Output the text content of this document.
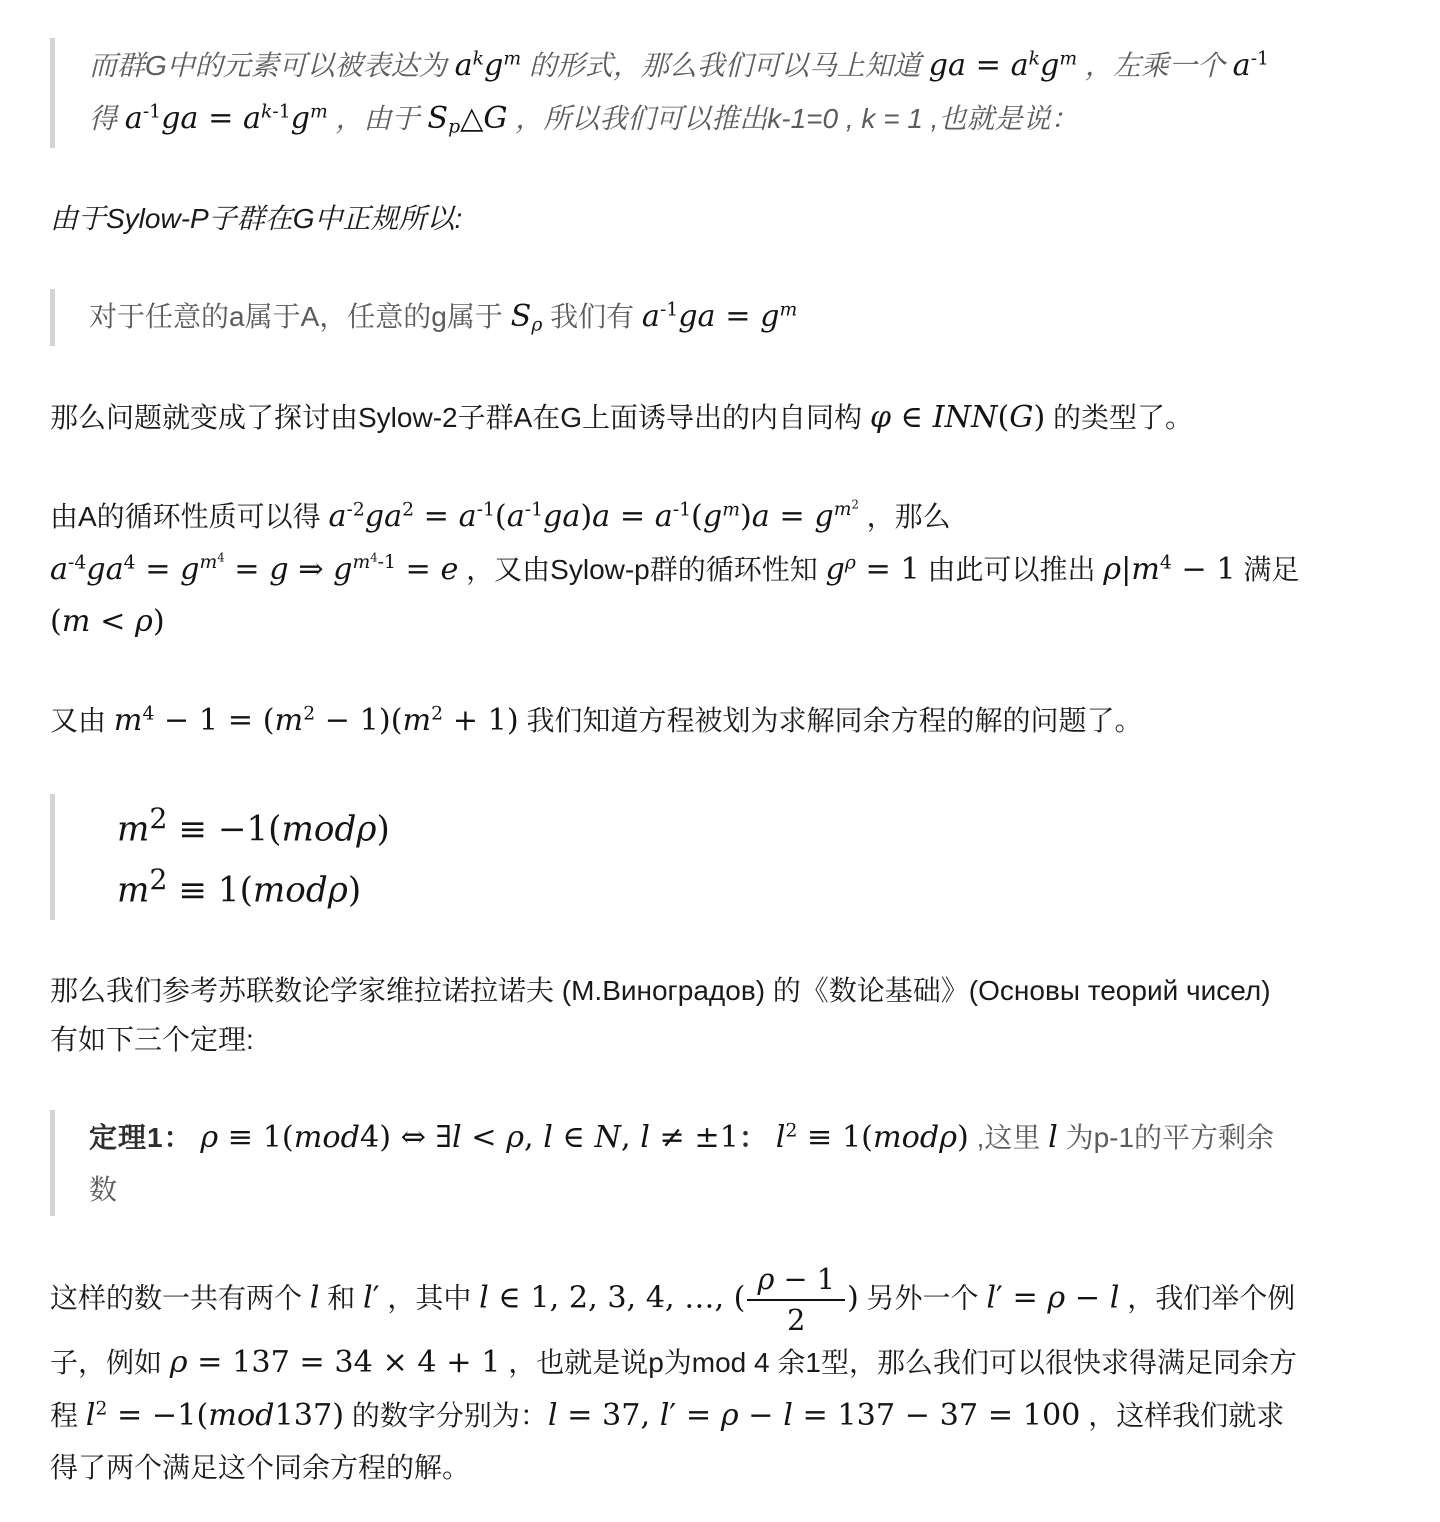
而群G中的元素可以被表达为 $a^kg^m$ 的形式，那么我们可以马上知道 ga = $a^kg^m$ ，左乘一个 $a^{-1}$ 得 $a^{-1}ga = a^{k-1}g^m$ ，由于 $S_p\triangle G$ ，所以我们可以推出k-1=0 , k = 1 ,也就是说：

由于Sylow-P子群在G中正规所以:

对于任意的a属于A，任意的g属于 $S_\rho$ 我们有 $a^{-1}ga = g^m$

那么问题就变成了探讨由Sylow-2子群A在G上面诱导出的内自同构 φ ∈ INN(G) 的类型了。

由A的循环性质可以得 $a^{-2}ga^2 = a^{-1}(a^{-1}ga)a = a^{-1}(g^m)a = g^{m^2}$ ，那么 $a^{-4}ga^4 = g^{m^4} = g$ ⇒ $g^{m^4-1} = e$ ，又由Sylow-p群的循环性知 $g^\rho = 1$ 由此可以推出 $\rho|m^4 - 1$ 满足 (m < ρ)

又由 $m^4 - 1 = (m^2 - 1)(m^2 + 1)$ 我们知道方程被划为求解同余方程的解的问题了。

$m^2 \equiv -1(mod\rho)$
$m^2 \equiv 1(mod\rho)$

那么我们参考苏联数论学家维拉诺拉诺夫 (М.Виноградов) 的《数论基础》(Основы теорий чисел) 有如下三个定理:

定理1： ρ ≡ 1(mod4) ⇔ ∃l < ρ, l ∈ N, l ≠ ±1： $l^2 \equiv 1(mod\rho)$ ,这里 l 为p-1的平方剩余数

这样的数一共有两个 l 和 l′ ，其中 l ∈ 1, 2, 3, 4, …, ( $\frac{\rho - 1}{2}$ ) 另外一个 l′ = ρ − l ，我们举个例子，例如 ρ = 137 = 34 × 4 + 1 ，也就是说p为mod 4 余1型，那么我们可以很快求得满足同余方程 $l^2 = -1(mod137)$ 的数字分别为：l = 37, l′ = ρ − l = 137 − 37 = 100 ，这样我们就求得了两个满足这个同余方程的解。
